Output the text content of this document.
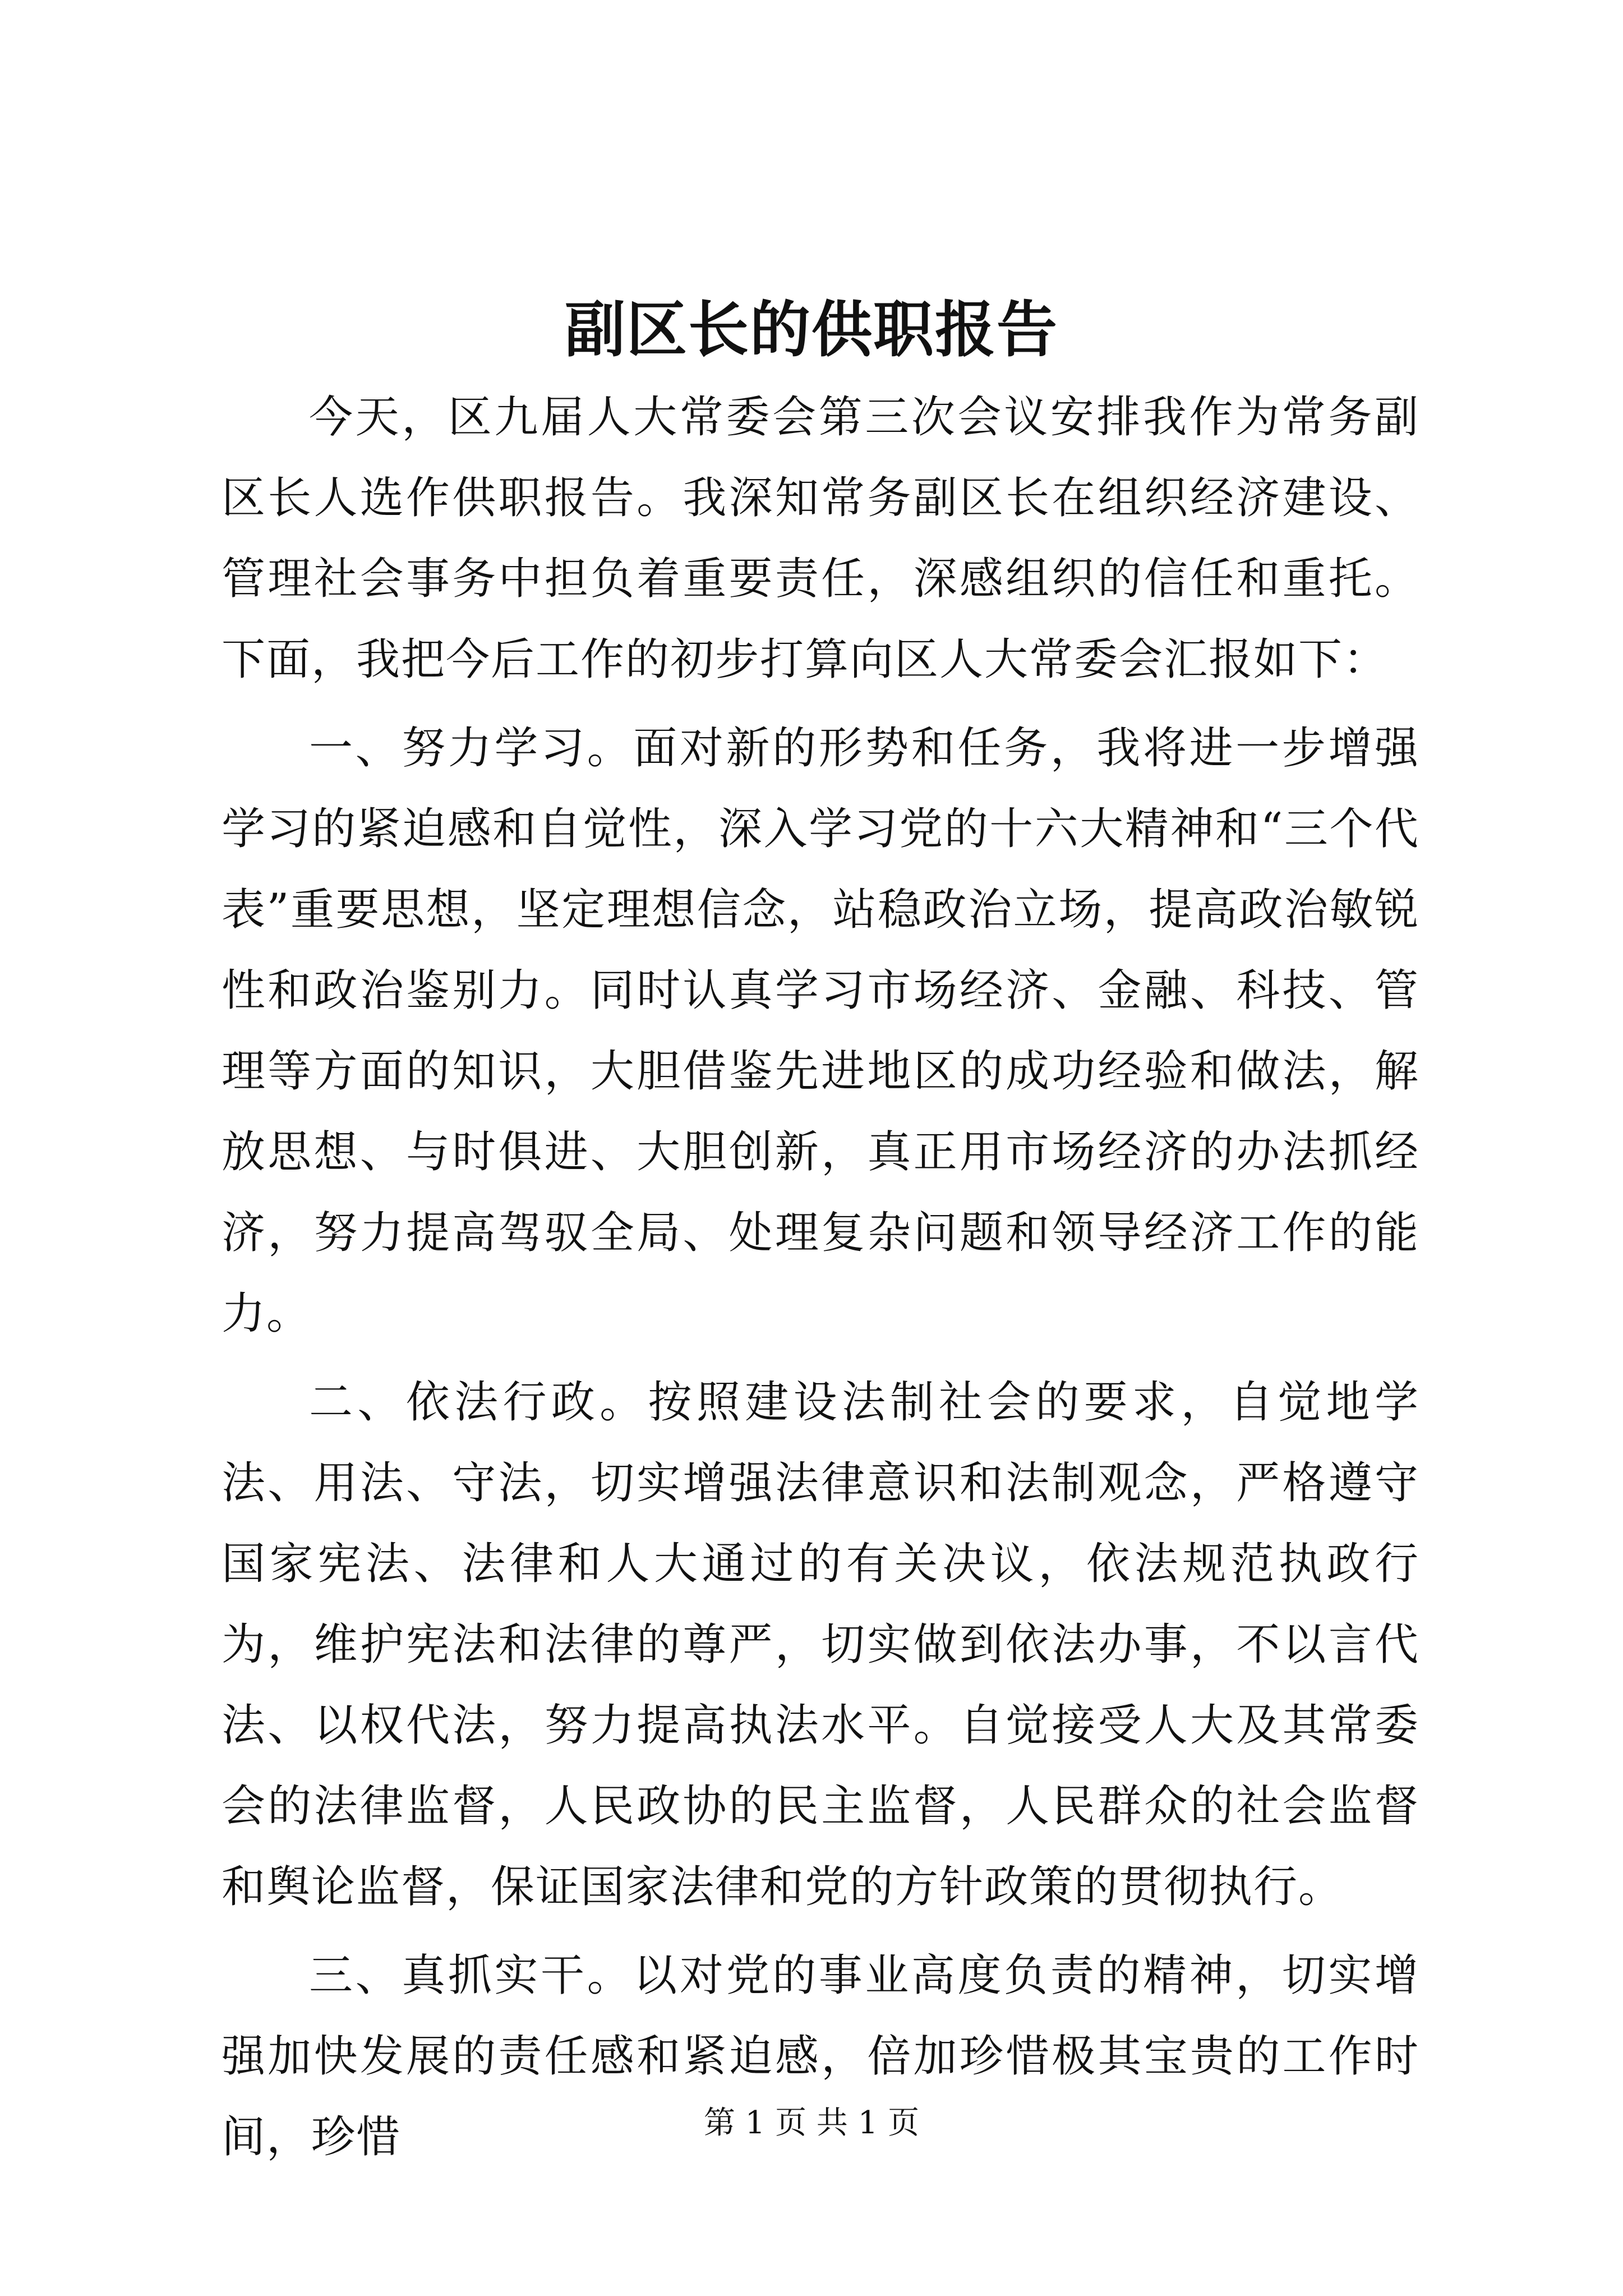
副区长的供职报告

今天，区九届人大常委会第三次会议安排我作为常务副区长人选作供职报告。我深知常务副区长在组织经济建设、管理社会事务中担负着重要责任，深感组织的信任和重托。下面，我把今后工作的初步打算向区人大常委会汇报如下：

一、努力学习。面对新的形势和任务，我将进一步增强学习的紧迫感和自觉性，深入学习党的十六大精神和“三个代表”重要思想，坚定理想信念，站稳政治立场，提高政治敏锐性和政治鉴别力。同时认真学习市场经济、金融、科技、管理等方面的知识，大胆借鉴先进地区的成功经验和做法，解放思想、与时俱进、大胆创新，真正用市场经济的办法抓经济，努力提高驾驭全局、处理复杂问题和领导经济工作的能力。

二、依法行政。按照建设法制社会的要求，自觉地学法、用法、守法，切实增强法律意识和法制观念，严格遵守国家宪法、法律和人大通过的有关决议，依法规范执政行为，维护宪法和法律的尊严，切实做到依法办事，不以言代法、以权代法，努力提高执法水平。自觉接受人大及其常委会的法律监督，人民政协的民主监督，人民群众的社会监督和舆论监督，保证国家法律和党的方针政策的贯彻执行。

三、真抓实干。以对党的事业高度负责的精神，切实增强加快发展的责任感和紧迫感，倍加珍惜极其宝贵的工作时间，珍惜	第 1 页 共 1 页
